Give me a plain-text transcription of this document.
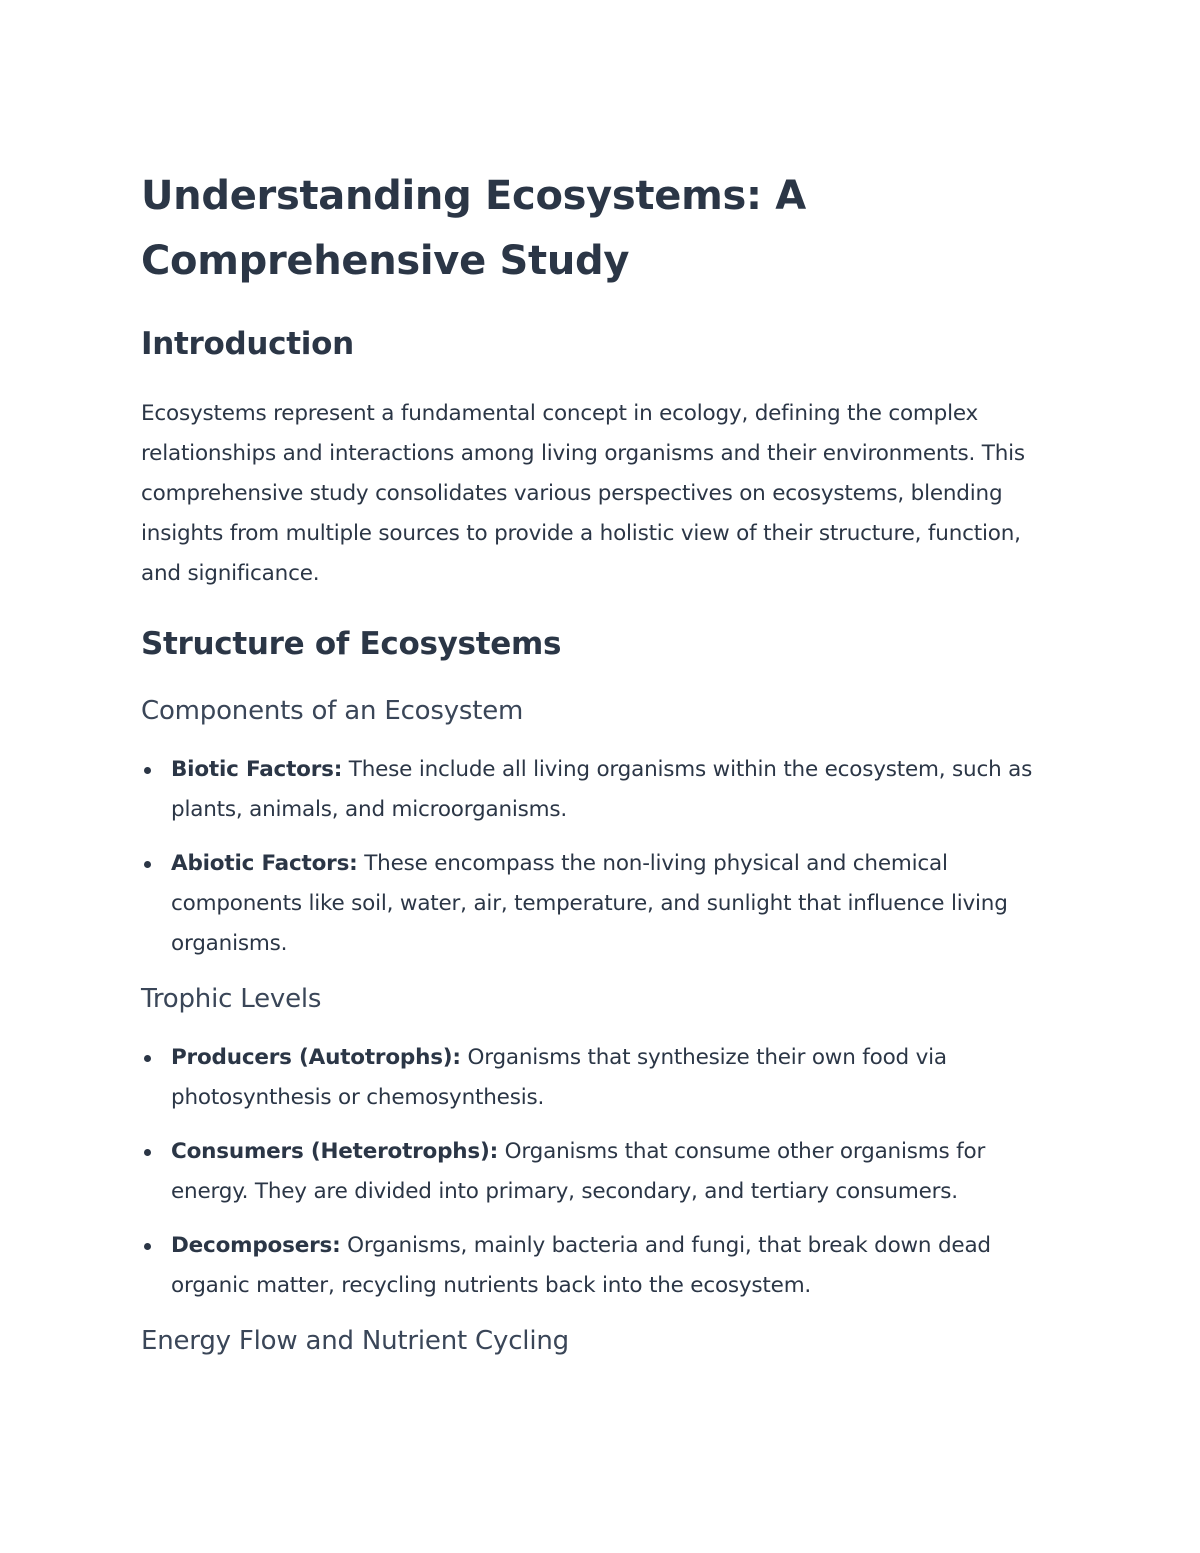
Understanding Ecosystems: A Comprehensive Study
Introduction

Ecosystems represent a fundamental concept in ecology, defining the complex relationships and interactions among living organisms and their environments. This comprehensive study consolidates various perspectives on ecosystems, blending insights from multiple sources to provide a holistic view of their structure, function, and significance.

Structure of Ecosystems
Components of an Ecosystem
Biotic Factors: These include all living organisms within the ecosystem, such as plants, animals, and microorganisms.
Abiotic Factors: These encompass the non-living physical and chemical components like soil, water, air, temperature, and sunlight that influence living organisms.
Trophic Levels
Producers (Autotrophs): Organisms that synthesize their own food via photosynthesis or chemosynthesis.
Consumers (Heterotrophs): Organisms that consume other organisms for energy. They are divided into primary, secondary, and tertiary consumers.
Decomposers: Organisms, mainly bacteria and fungi, that break down dead organic matter, recycling nutrients back into the ecosystem.
Energy Flow and Nutrient Cycling
